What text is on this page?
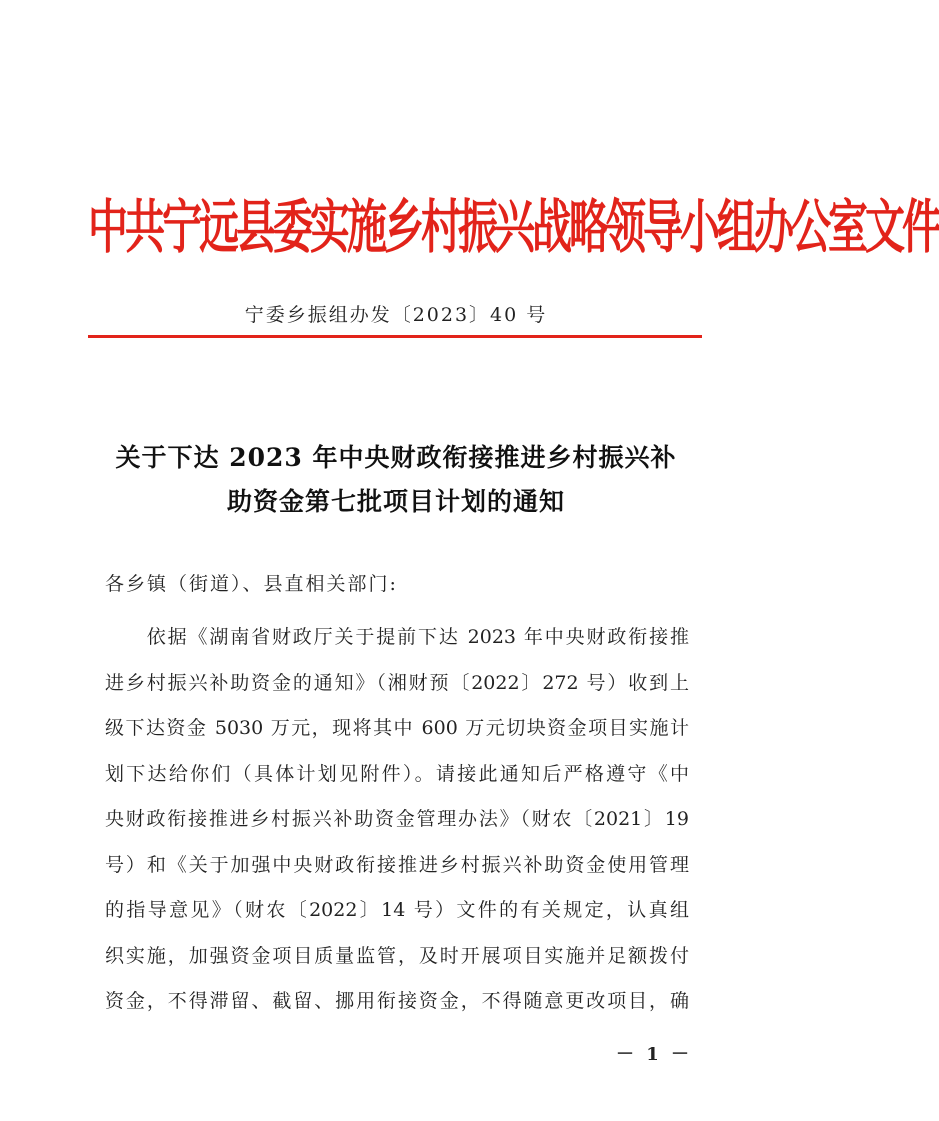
中共宁远县委实施乡村振兴战略领导小组办公室文件
宁委乡振组办发〔2023〕40 号
关于下达 2023 年中央财政衔接推进乡村振兴补
助资金第七批项目计划的通知
各乡镇（街道）、县直相关部门:
　　依据《湖南省财政厅关于提前下达 2023 年中央财政衔接推
进乡村振兴补助资金的通知》（湘财预〔2022〕272 号）收到上
级下达资金 5030 万元，现将其中 600 万元切块资金项目实施计
划下达给你们（具体计划见附件）。请接此通知后严格遵守《中
央财政衔接推进乡村振兴补助资金管理办法》（财农〔2021〕19
号）和《关于加强中央财政衔接推进乡村振兴补助资金使用管理
的指导意见》（财农〔2022〕14 号）文件的有关规定，认真组
织实施，加强资金项目质量监管，及时开展项目实施并足额拨付
资金，不得滞留、截留、挪用衔接资金，不得随意更改项目，确
－ 1 －
